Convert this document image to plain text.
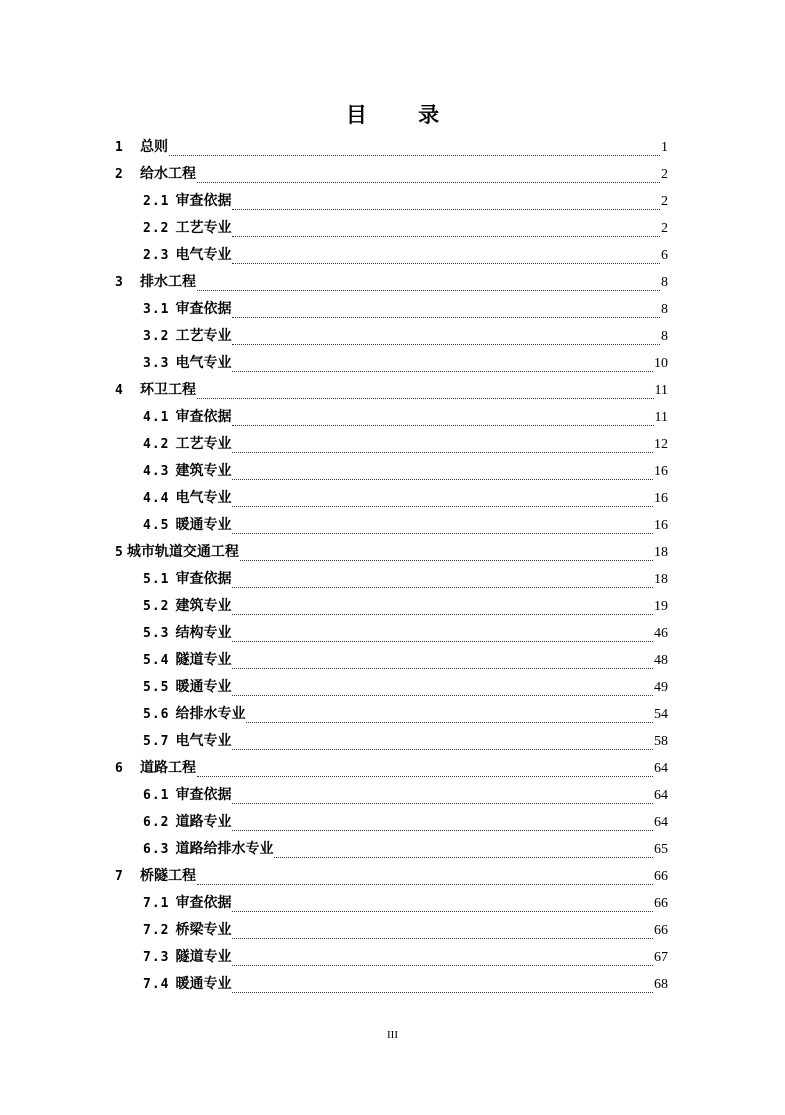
目 录
1 总则	1
2 给水工程	2
2.1 审查依据	2
2.2 工艺专业	2
2.3 电气专业	6
3 排水工程	8
3.1 审查依据	8
3.2 工艺专业	8
3.3 电气专业	10
4 环卫工程	11
4.1 审查依据	11
4.2 工艺专业	12
4.3 建筑专业	16
4.4 电气专业	16
4.5 暖通专业	16
5 城市轨道交通工程	18
5.1 审查依据	18
5.2 建筑专业	19
5.3 结构专业	46
5.4 隧道专业	48
5.5 暖通专业	49
5.6 给排水专业	54
5.7 电气专业	58
6 道路工程	64
6.1 审查依据	64
6.2 道路专业	64
6.3 道路给排水专业	65
7 桥隧工程	66
7.1 审查依据	66
7.2 桥梁专业	66
7.3 隧道专业	67
7.4 暖通专业	68
III
